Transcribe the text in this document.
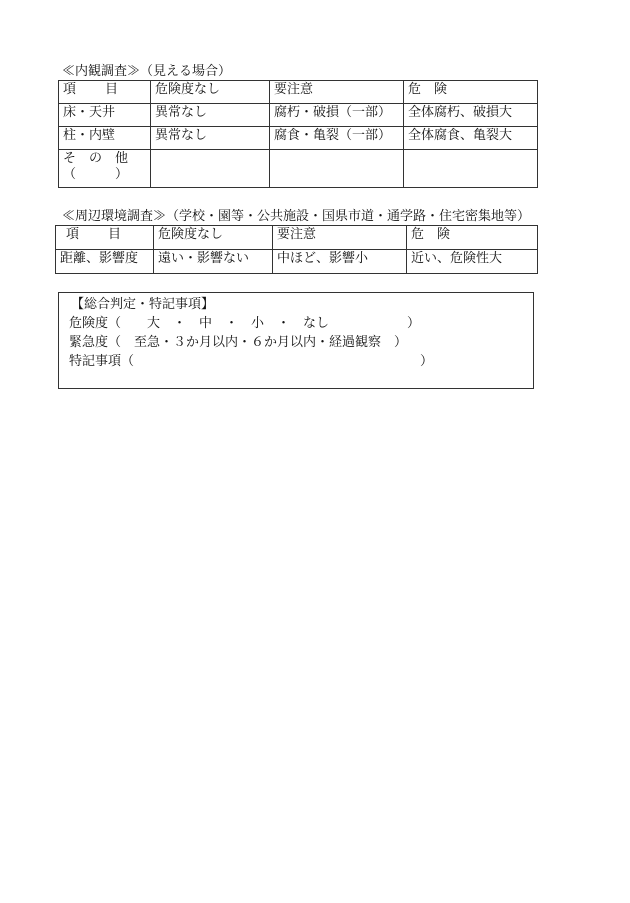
≪内観調査≫（見える場合）
項　目	危険度なし	要注意	危　険
床・天井	異常なし	腐朽・破損（一部）	全体腐朽、破損大
柱・内壁	異常なし	腐食・亀裂（一部）	全体腐食、亀裂大

そ　の　他
（　　　）			

≪周辺環境調査≫（学校・園等・公共施設・国県市道・通学路・住宅密集地等）
項　目	危険度なし	要注意	危　険
距離、影響度	遠い・影響ない	中ほど、影響小	近い、危険性大
【総合判定・特記事項】
危険度（　　大　・　中　・　小　・　なし　　　　　　）
緊急度（　至急・３か月以内・６か月以内・経過観察　）
特記事項（　　　　　　　　　　　　　　　　　　　　　　）
